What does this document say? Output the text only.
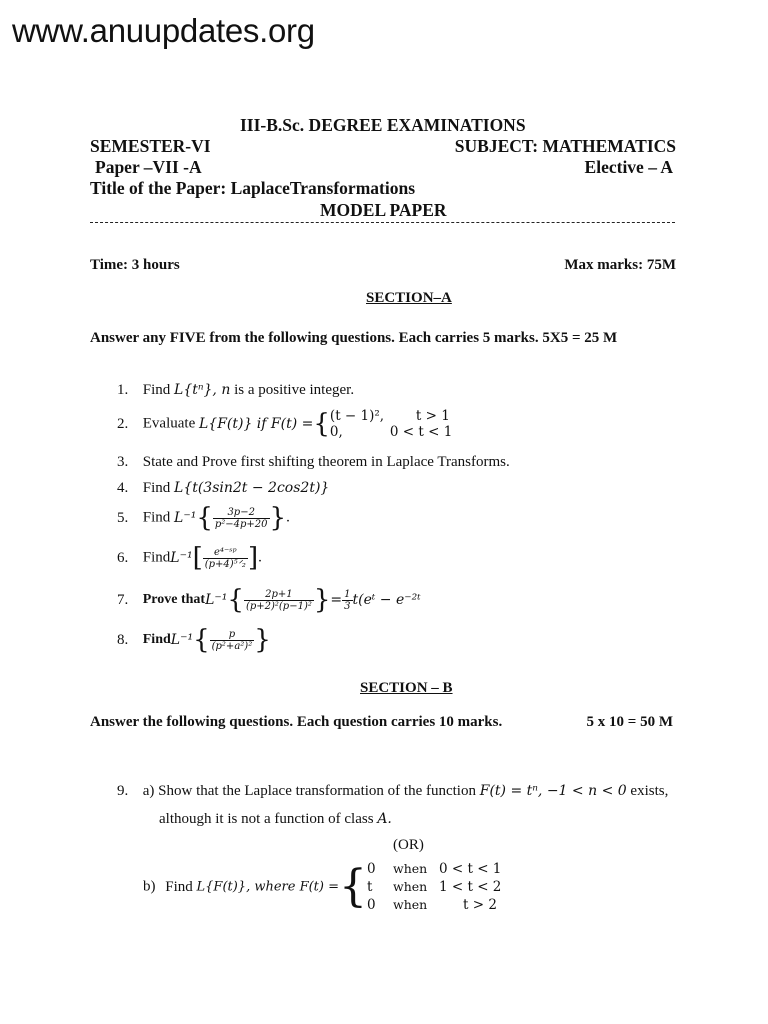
www.anuupdates.org
III-B.Sc. DEGREE EXAMINATIONS
SEMESTER-VI	SUBJECT: MATHEMATICS
Paper –VII -A	Elective – A
Title of the Paper: LaplaceTransformations
MODEL PAPER
Time: 3 hours	Max marks: 75M
SECTION–A
Answer any FIVE from the following questions. Each carries 5 marks. 5X5 = 25 M
1. Find L{tⁿ}, n is a positive integer.
2. Evaluate L{F(t)} if F(t) ={ (t − 1)², t > 1
0,	0 < t < 1
3. State and Prove first shifting theorem in Laplace Transforms.
4. Find L{t(3sin2t − 2cos2t)}
5. Find $L^{-1}\{ \frac{3p-2}{\text{p²−4p+20}}$ }.
6. FindL⁻¹[ $\frac{\text{e⁴⁻ˢᵖ}}{\text{(p+4)⁵ᐟ₂}}$ ].
7. Prove thatL⁻¹{ $\frac{2p+1}{\text{(p+2)²(p−1)²}}$ }= $\frac{1}{3}$ t(eᵗ − e⁻²ᵗ
8. FindL⁻¹{ $\frac{p}{\text{(p²+a²)²}}$ }
SECTION – B
Answer the following questions. Each question carries 10 marks.	5 x 10 = 50 M
9. a) Show that the Laplace transformation of the function F(t) = tⁿ, −1 < n < 0 exists,
although it is not a function of class A.
(OR)
b) Find L{F(t)}, where F(t) ={ 0 when 0 < t < 1
t when 1 < t < 2
0 when	t > 2
